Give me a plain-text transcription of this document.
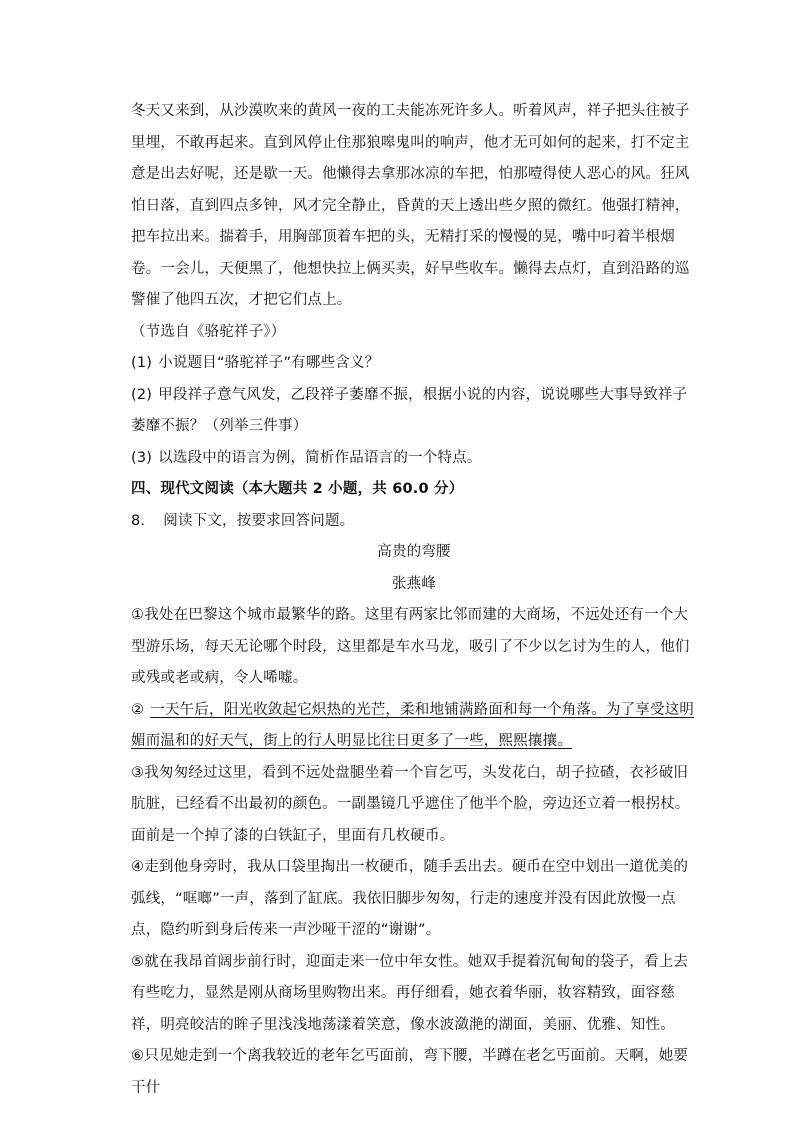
冬天又来到，从沙漠吹来的黄风一夜的工夫能冻死许多人。听着风声，祥子把头往被子里埋，不敢再起来。直到风停止住那狼嗥鬼叫的响声，他才无可如何的起来，打不定主意是出去好呢，还是歇一天。他懒得去拿那冰凉的车把，怕那噎得使人恶心的风。狂风怕日落，直到四点多钟，风才完全静止，昏黄的天上透出些夕照的微红。他强打精神，把车拉出来。揣着手，用胸部顶着车把的头，无精打采的慢慢的晃，嘴中叼着半根烟卷。一会儿，天便黑了，他想快拉上俩买卖，好早些收车。懒得去点灯，直到沿路的巡警催了他四五次，才把它们点上。

（节选自《骆驼祥子》）

(1) 小说题目“骆驼祥子”有哪些含义？

(2) 甲段祥子意气风发，乙段祥子萎靡不振，根据小说的内容，说说哪些大事导致祥子萎靡不振？（列举三件事）

(3) 以选段中的语言为例，简析作品语言的一个特点。

四、现代文阅读（本大题共 2 小题，共 60.0 分）

8. 阅读下文，按要求回答问题。

高贵的弯腰

张燕峰

①我处在巴黎这个城市最繁华的路。这里有两家比邻而建的大商场，不远处还有一个大型游乐场，每天无论哪个时段，这里都是车水马龙，吸引了不少以乞讨为生的人，他们或残或老或病，令人唏嘘。

② 一天午后，阳光收敛起它炽热的光芒，柔和地铺满路面和每一个角落。为了享受这明媚而温和的好天气，街上的行人明显比往日更多了一些，熙熙攘攘。

③我匆匆经过这里，看到不远处盘腿坐着一个盲乞丐，头发花白，胡子拉碴，衣衫破旧肮脏，已经看不出最初的颜色。一副墨镜几乎遮住了他半个脸，旁边还立着一根拐杖。面前是一个掉了漆的白铁缸子，里面有几枚硬币。

④走到他身旁时，我从口袋里掏出一枚硬币，随手丢出去。硬币在空中划出一道优美的弧线，“哐啷”一声，落到了缸底。我依旧脚步匆匆，行走的速度并没有因此放慢一点点，隐约听到身后传来一声沙哑干涩的“谢谢”。

⑤就在我昂首阔步前行时，迎面走来一位中年女性。她双手提着沉甸甸的袋子，看上去有些吃力，显然是刚从商场里购物出来。再仔细看，她衣着华丽，妆容精致，面容慈祥，明亮皎洁的眸子里浅浅地荡漾着笑意，像水波潋滟的湖面，美丽、优雅、知性。

⑥只见她走到一个离我较近的老年乞丐面前，弯下腰，半蹲在老乞丐面前。天啊，她要干什
